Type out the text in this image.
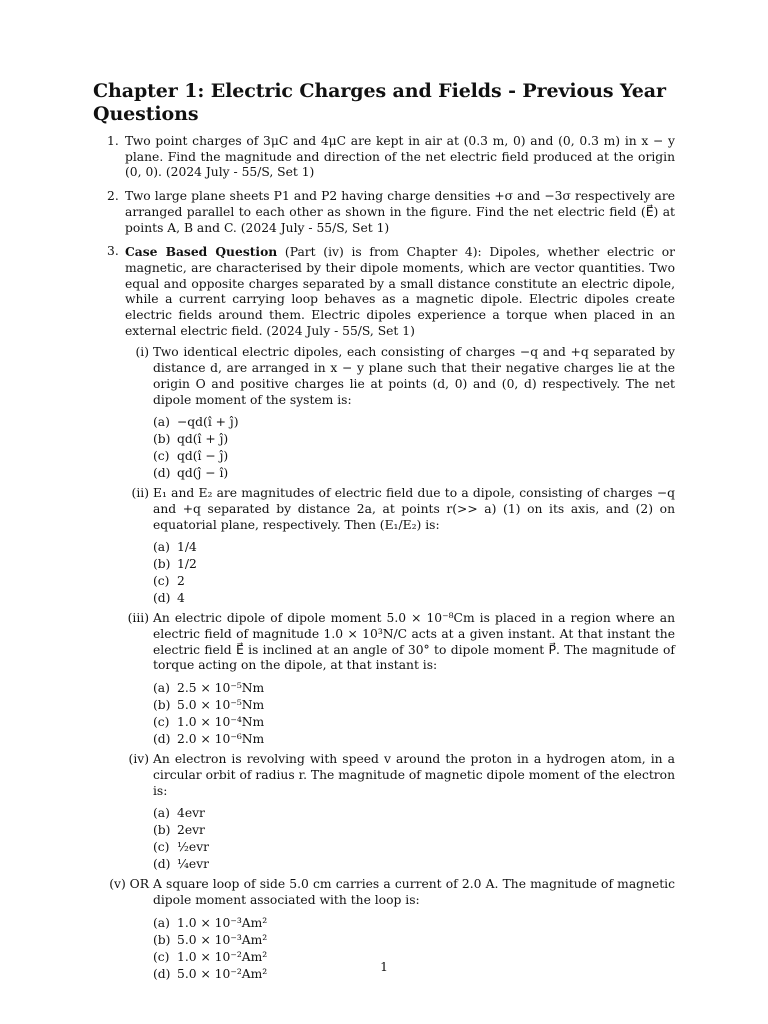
Chapter 1: Electric Charges and Fields - Previous Year Questions
1. Two point charges of 3μC and 4μC are kept in air at (0.3 m, 0) and (0, 0.3 m) in x − y plane. Find the magnitude and direction of the net electric field produced at the origin (0, 0). (2024 July - 55/S, Set 1)
2. Two large plane sheets P1 and P2 having charge densities +σ and −3σ respectively are arranged parallel to each other as shown in the figure. Find the net electric field (E⃗) at points A, B and C. (2024 July - 55/S, Set 1)
3. Case Based Question (Part (iv) is from Chapter 4): Dipoles, whether electric or magnetic, are characterised by their dipole moments, which are vector quantities. Two equal and opposite charges separated by a small distance constitute an electric dipole, while a current carrying loop behaves as a magnetic dipole. Electric dipoles create electric fields around them. Electric dipoles experience a torque when placed in an external electric field. (2024 July - 55/S, Set 1)
(i) Two identical electric dipoles, each consisting of charges −q and +q separated by distance d, are arranged in x − y plane such that their negative charges lie at the origin O and positive charges lie at points (d, 0) and (0, d) respectively. The net dipole moment of the system is:
(a) −qd(î + ĵ)
(b) qd(î + ĵ)
(c) qd(î − ĵ)
(d) qd(ĵ − î)
(ii) E₁ and E₂ are magnitudes of electric field due to a dipole, consisting of charges −q and +q separated by distance 2a, at points r(>> a) (1) on its axis, and (2) on equatorial plane, respectively. Then (E₁/E₂) is:
(a) 1/4
(b) 1/2
(c) 2
(d) 4
(iii) An electric dipole of dipole moment 5.0 × 10⁻⁸Cm is placed in a region where an electric field of magnitude 1.0 × 10³N/C acts at a given instant. At that instant the electric field E⃗ is inclined at an angle of 30° to dipole moment P⃗. The magnitude of torque acting on the dipole, at that instant is:
(a) 2.5 × 10⁻⁵Nm
(b) 5.0 × 10⁻⁵Nm
(c) 1.0 × 10⁻⁴Nm
(d) 2.0 × 10⁻⁶Nm
(iv) An electron is revolving with speed v around the proton in a hydrogen atom, in a circular orbit of radius r. The magnitude of magnetic dipole moment of the electron is:
(a) 4evr
(b) 2evr
(c) ½evr
(d) ¼evr
(v) OR A square loop of side 5.0 cm carries a current of 2.0 A. The magnitude of magnetic dipole moment associated with the loop is:
(a) 1.0 × 10⁻³Am²
(b) 5.0 × 10⁻³Am²
(c) 1.0 × 10⁻²Am²
(d) 5.0 × 10⁻²Am²	1
